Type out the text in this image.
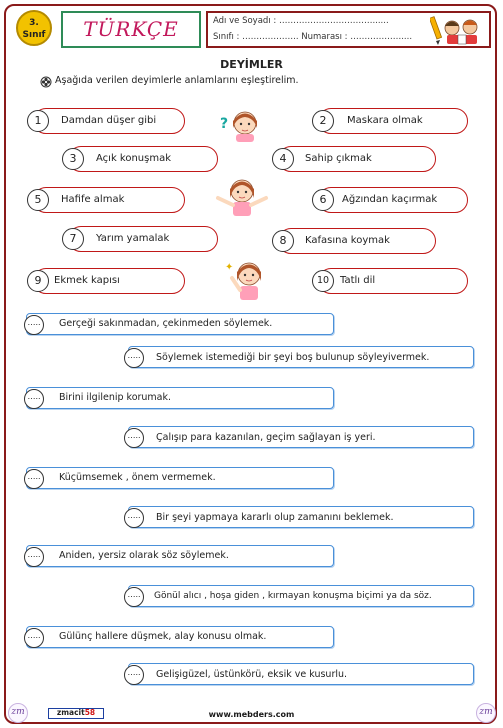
3.
Sınıf	TÜRKÇE	Adı ve Soyadı : ……………………………......
Sınıfı : ……………….. Numarası : ………………....
DEYİMLER
Aşağıda verilen deyimlerle anlamlarını eşleştirelim.
1	Damdan düşer gibi	2	Maskara olmak
3	Açık konuşmak	4	Sahip çıkmak
5	Hafife almak	6	Ağzından kaçırmak
7	Yarım yamalak	8	Kafasına koymak
9	Ekmek kapısı	10	Tatlı dil
?
✦
…..	Gerçeği sakınmadan, çekinmeden söylemek.
…..	Söylemek istemediği bir şeyi boş bulunup söyleyivermek.
…..	Birini ilgilenip korumak.
…..	Çalışıp para kazanılan, geçim sağlayan iş yeri.
…..	Küçümsemek , önem vermemek.
…..	Bir şeyi yapmaya kararlı olup zamanını beklemek.
…..	Aniden, yersiz olarak söz söylemek.
…..	Gönül alıcı , hoşa giden , kırmayan konuşma biçimi ya da söz.
…..	Gülünç hallere düşmek, alay konusu olmak.
…..	Gelişigüzel, üstünkörü, eksik ve kusurlu.
zm	zmacit58	www.mebders.com	zm
